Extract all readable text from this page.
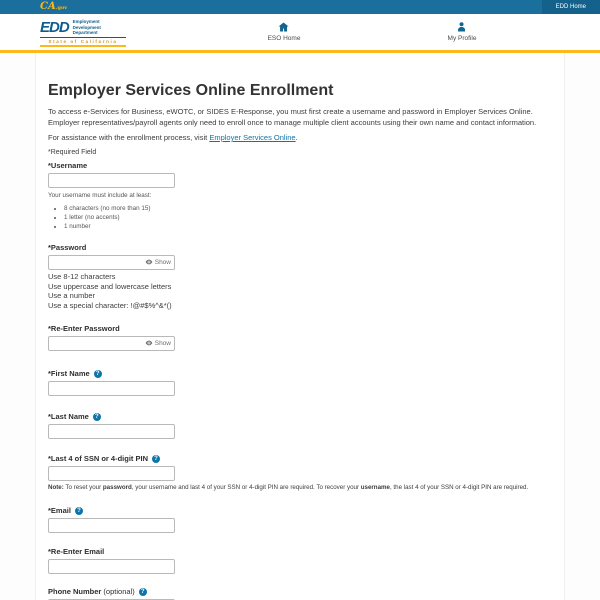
CA.gov	EDD Home
EDD Employment
Development
Department
State of California	ESO Home	My Profile
Employer Services Online Enrollment

To access e-Services for Business, eWOTC, or SIDES E-Response, you must first create a username and password in Employer Services Online. Employer representatives/payroll agents only need to enroll once to manage multiple client accounts using their own name and contact information.

For assistance with the enrollment process, visit Employer Services Online.

*Required Field

*Username
Your username must include at least:
• 8 characters (no more than 15)
• 1 letter (no accents)
• 1 number
*Password
Show
Use 8-12 characters
Use uppercase and lowercase letters
Use a number
Use a special character: !@#$%^&*()
*Re-Enter Password
Show
*First Name	?
*Last Name	?
*Last 4 of SSN or 4-digit PIN	?

Note: To reset your password, your username and last 4 of your SSN or 4-digit PIN are required. To recover your username, the last 4 of your SSN or 4-digit PIN are required.

*Email	?
*Re-Enter Email
Phone Number (optional)	?
